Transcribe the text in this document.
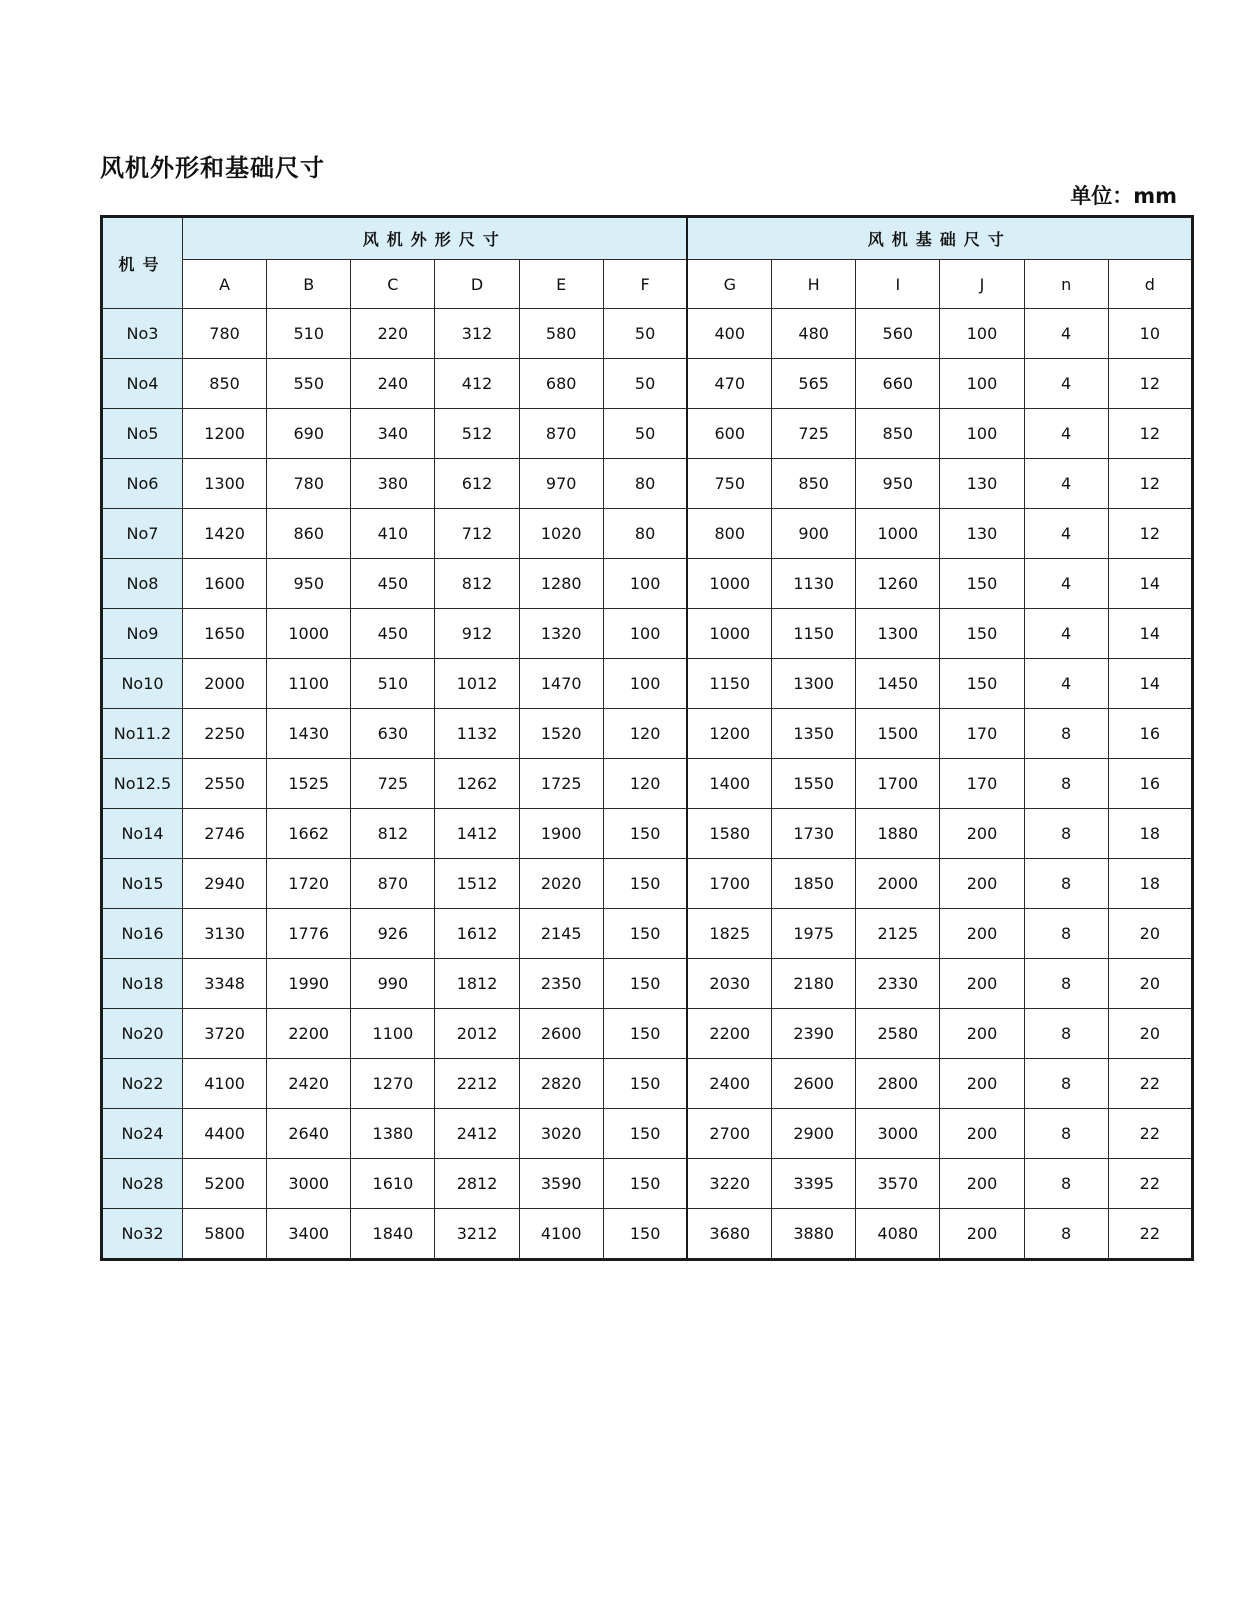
风机外形和基础尺寸
单位：mm
机号	风机外形尺寸						风机基础尺寸					
	A	B	C	D	E	F	G	H	I	J	n	d
No3	780	510	220	312	580	50	400	480	560	100	4	10
No4	850	550	240	412	680	50	470	565	660	100	4	12
No5	1200	690	340	512	870	50	600	725	850	100	4	12
No6	1300	780	380	612	970	80	750	850	950	130	4	12
No7	1420	860	410	712	1020	80	800	900	1000	130	4	12
No8	1600	950	450	812	1280	100	1000	1130	1260	150	4	14
No9	1650	1000	450	912	1320	100	1000	1150	1300	150	4	14
No10	2000	1100	510	1012	1470	100	1150	1300	1450	150	4	14
No11.2	2250	1430	630	1132	1520	120	1200	1350	1500	170	8	16
No12.5	2550	1525	725	1262	1725	120	1400	1550	1700	170	8	16
No14	2746	1662	812	1412	1900	150	1580	1730	1880	200	8	18
No15	2940	1720	870	1512	2020	150	1700	1850	2000	200	8	18
No16	3130	1776	926	1612	2145	150	1825	1975	2125	200	8	20
No18	3348	1990	990	1812	2350	150	2030	2180	2330	200	8	20
No20	3720	2200	1100	2012	2600	150	2200	2390	2580	200	8	20
No22	4100	2420	1270	2212	2820	150	2400	2600	2800	200	8	22
No24	4400	2640	1380	2412	3020	150	2700	2900	3000	200	8	22
No28	5200	3000	1610	2812	3590	150	3220	3395	3570	200	8	22
No32	5800	3400	1840	3212	4100	150	3680	3880	4080	200	8	22
